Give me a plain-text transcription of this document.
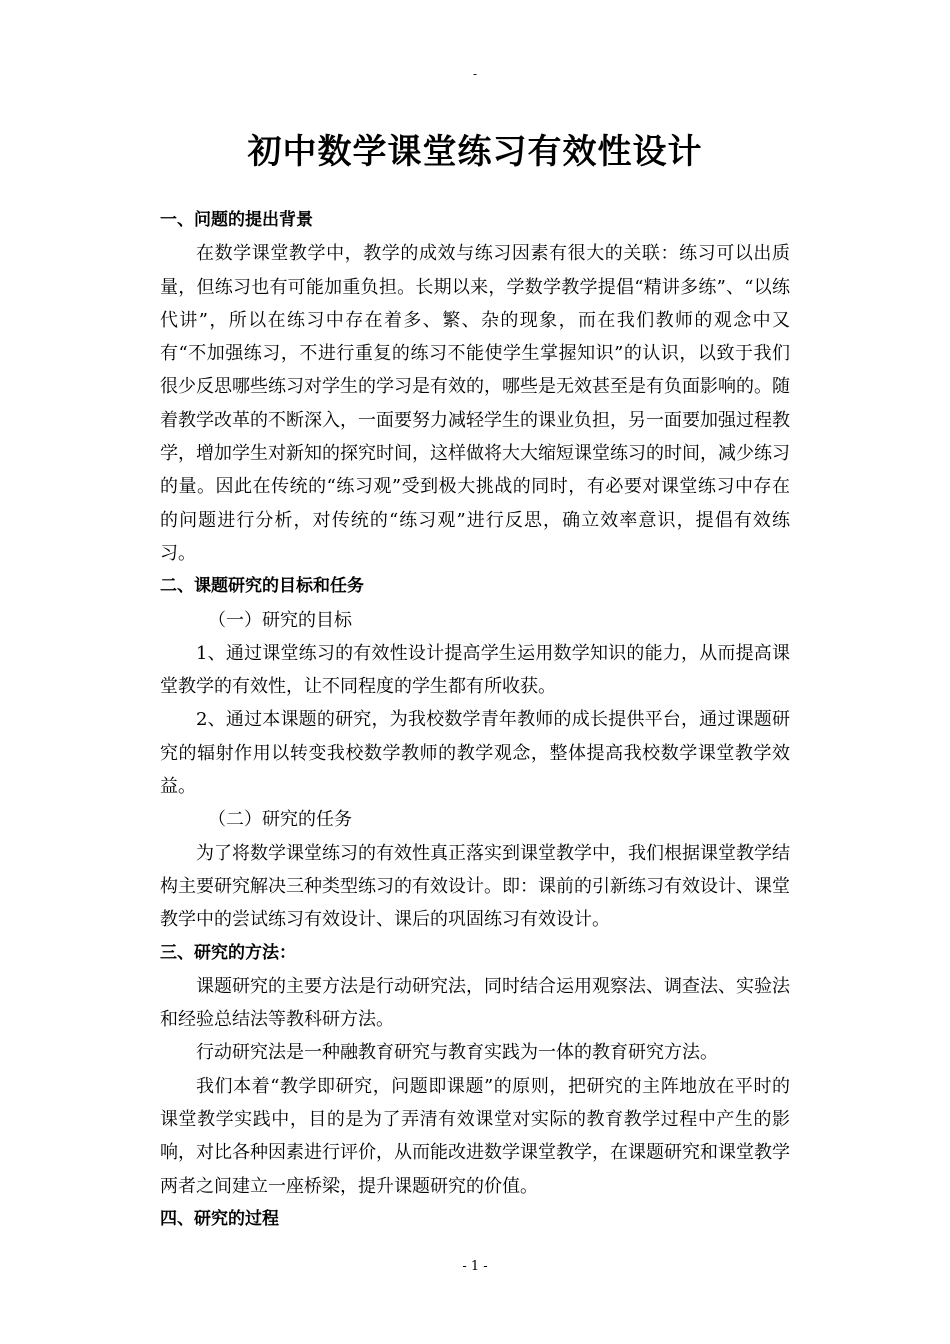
-
初中数学课堂练习有效性设计

一、问题的提出背景

在数学课堂教学中，教学的成效与练习因素有很大的关联：练习可以出质量，但练习也有可能加重负担。长期以来，学数学教学提倡“精讲多练”、“以练代讲”，所以在练习中存在着多、繁、杂的现象，而在我们教师的观念中又有“不加强练习，不进行重复的练习不能使学生掌握知识”的认识，以致于我们很少反思哪些练习对学生的学习是有效的，哪些是无效甚至是有负面影响的。随着教学改革的不断深入，一面要努力减轻学生的课业负担，另一面要加强过程教学，增加学生对新知的探究时间，这样做将大大缩短课堂练习的时间，减少练习的量。因此在传统的“练习观”受到极大挑战的同时，有必要对课堂练习中存在的问题进行分析，对传统的“练习观”进行反思，确立效率意识，提倡有效练习。

二、课题研究的目标和任务

（一）研究的目标

1、通过课堂练习的有效性设计提高学生运用数学知识的能力，从而提高课堂教学的有效性，让不同程度的学生都有所收获。

2、通过本课题的研究，为我校数学青年教师的成长提供平台，通过课题研究的辐射作用以转变我校数学教师的教学观念，整体提高我校数学课堂教学效益。

（二）研究的任务

为了将数学课堂练习的有效性真正落实到课堂教学中，我们根据课堂教学结构主要研究解决三种类型练习的有效设计。即：课前的引新练习有效设计、课堂教学中的尝试练习有效设计、课后的巩固练习有效设计。

三、研究的方法：

课题研究的主要方法是行动研究法，同时结合运用观察法、调查法、实验法和经验总结法等教科研方法。

行动研究法是一种融教育研究与教育实践为一体的教育研究方法。

我们本着“教学即研究，问题即课题”的原则，把研究的主阵地放在平时的课堂教学实践中，目的是为了弄清有效课堂对实际的教育教学过程中产生的影响，对比各种因素进行评价，从而能改进数学课堂教学，在课题研究和课堂教学两者之间建立一座桥梁，提升课题研究的价值。

四、研究的过程

- 1 -
